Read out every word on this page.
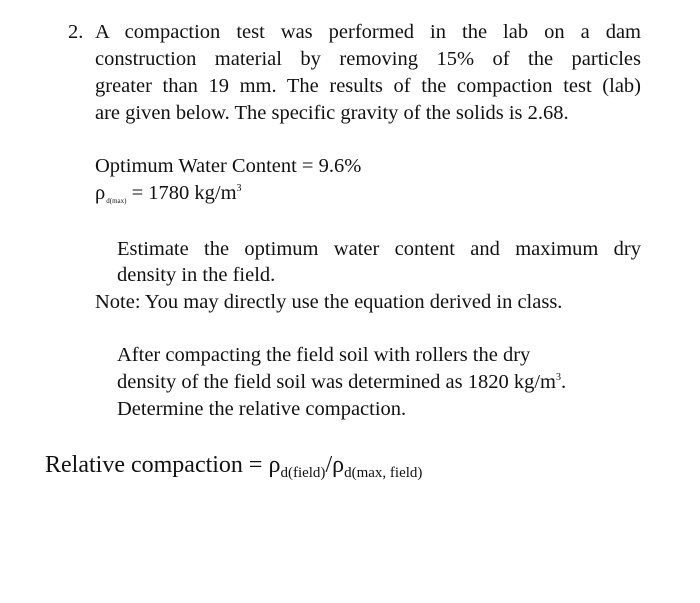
2. A compaction test was performed in the lab on a dam
construction material by removing 15% of the particles
greater than 19 mm. The results of the compaction test (lab)
are given below. The specific gravity of the solids is 2.68.
Optimum Water Content = 9.6%
ρd(max) = 1780 $kg/m^3$
Estimate the optimum water content and maximum dry
density in the field.
Note: You may directly use the equation derived in class.
After compacting the field soil with rollers the dry
density of the field soil was determined as 1820 $kg/m^3$.
Determine the relative compaction.
Relative compaction = $\rho_{d(field)}/\rho_{d(max, field)}$
